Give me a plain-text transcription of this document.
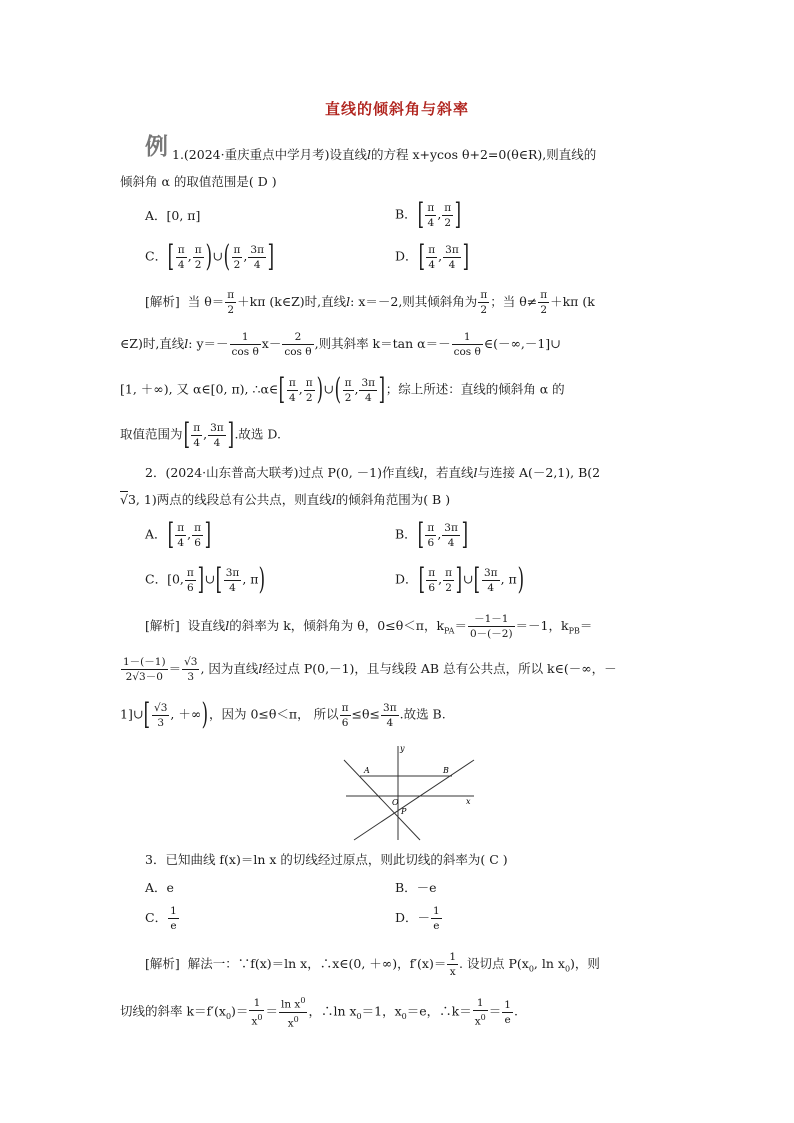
直线的倾斜角与斜率
例 1.(2024·重庆重点中学月考)设直线l的方程 x+ycos θ+2=0(θ∈R),则直线的
倾斜角 α 的取值范围是( D )
A．[0, π]	B．[ $\frac{\pi}{4}$ , $\frac{\pi}{2}$ ]
C．[ $\frac{\pi}{4}$ , $\frac{\pi}{2}$ )∪( $\frac{\pi}{2}$ , $\frac{3\pi}{4}$ ]	D．[ $\frac{\pi}{4}$ , $\frac{3\pi}{4}$ ]
[解析] 当 $\theta= \frac{\pi}{2} +k\pi$ (k∈Z)时,直线l: x＝－2,则其倾斜角为 $\frac{\pi}{2}$ ；当 $\theta\ne \frac{\pi}{2} +k\pi$ (k
∈Z)时,直线l: $y=- \frac{1}{\text{cos θ}} x- \frac{2}{\text{cos θ}}$ ,则其斜率 k＝tan $\alpha=- \frac{1}{\text{cos θ}}$ ∈(－∞,－1]∪
[1, ＋∞), 又 α∈[0, π), ∴α∈[ $\frac{\pi}{4}$ , $\frac{\pi}{2}$ )∪( $\frac{\pi}{2}$ , $\frac{3\pi}{4}$ ]；综上所述：直线的倾斜角 α 的
取值范围为[ $\frac{\pi}{4}$ , $\frac{3\pi}{4}$ ].故选 D.
2．(2024·山东普高大联考)过点 P(0, －1)作直线l，若直线l与连接 A(－2,1), B(2
√3, 1)两点的线段总有公共点，则直线l的倾斜角范围为( B )
A．[ $\frac{\pi}{4}$ , $\frac{\pi}{6}$ ]	B．[ $\frac{\pi}{6}$ , $\frac{3\pi}{4}$ ]
C．[0, $\frac{\pi}{6}$ ]∪[ $\frac{3\pi}{4}$ , π)	D．[ $\frac{\pi}{6}$ , $\frac{\pi}{2}$ ]∪[ $\frac{3\pi}{4}$ , π)
[解析] 设直线l的斜率为 k，倾斜角为 θ，0≤θ＜π，$k_{PA}= \frac{-1-1}{0-(-2)} =-1$，$k_{PB}=$
$\frac{1-(-1)}{2√3-0} = \frac{√3}{3}$ , 因为直线l经过点 P(0,－1)，且与线段 AB 总有公共点，所以 k∈(－∞，－
1]∪[ $\frac{√3}{3}$ , ＋∞)，因为 0≤θ＜π， 所以 $\frac{\pi}{6} \le\theta\le \frac{3\pi}{4}$ .故选 B.
y
x
A	B
O
P
3．已知曲线 f(x)＝ln x 的切线经过原点，则此切线的斜率为( C )
A．e	B．－e
C． $\frac{1}{e}$	D．－ $\frac{1}{e}$
[解析] 解法一：∵f(x)＝ln x，∴x∈(0, ＋∞)，$f'(x)= \frac{1}{x}$ . 设切点 $P(x_0$, $\ln x_0$)，则
切线的斜率 $k=f'(x_0)= \frac{1}{x^0} = \frac{\ln x^0}{x^0}$ ，∴ln $x_0=1$，$x_0=e$，∴k＝ $\frac{1}{x^0} = \frac{1}{e}$ .
